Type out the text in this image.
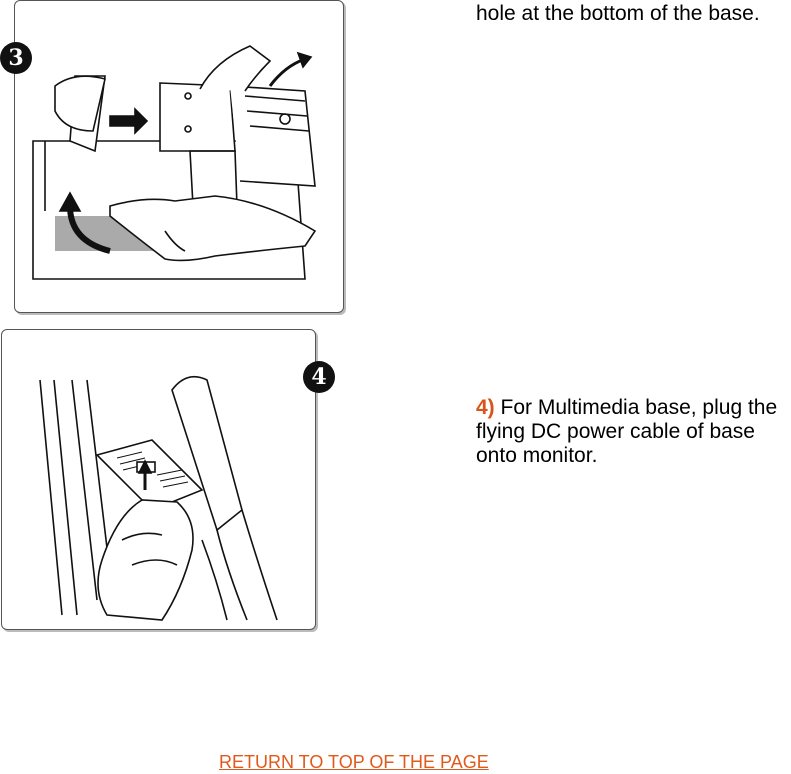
3
4

hole at the bottom of the base.

4) For Multimedia base, plug the flying DC power cable of base onto monitor.

RETURN TO TOP OF THE PAGE
